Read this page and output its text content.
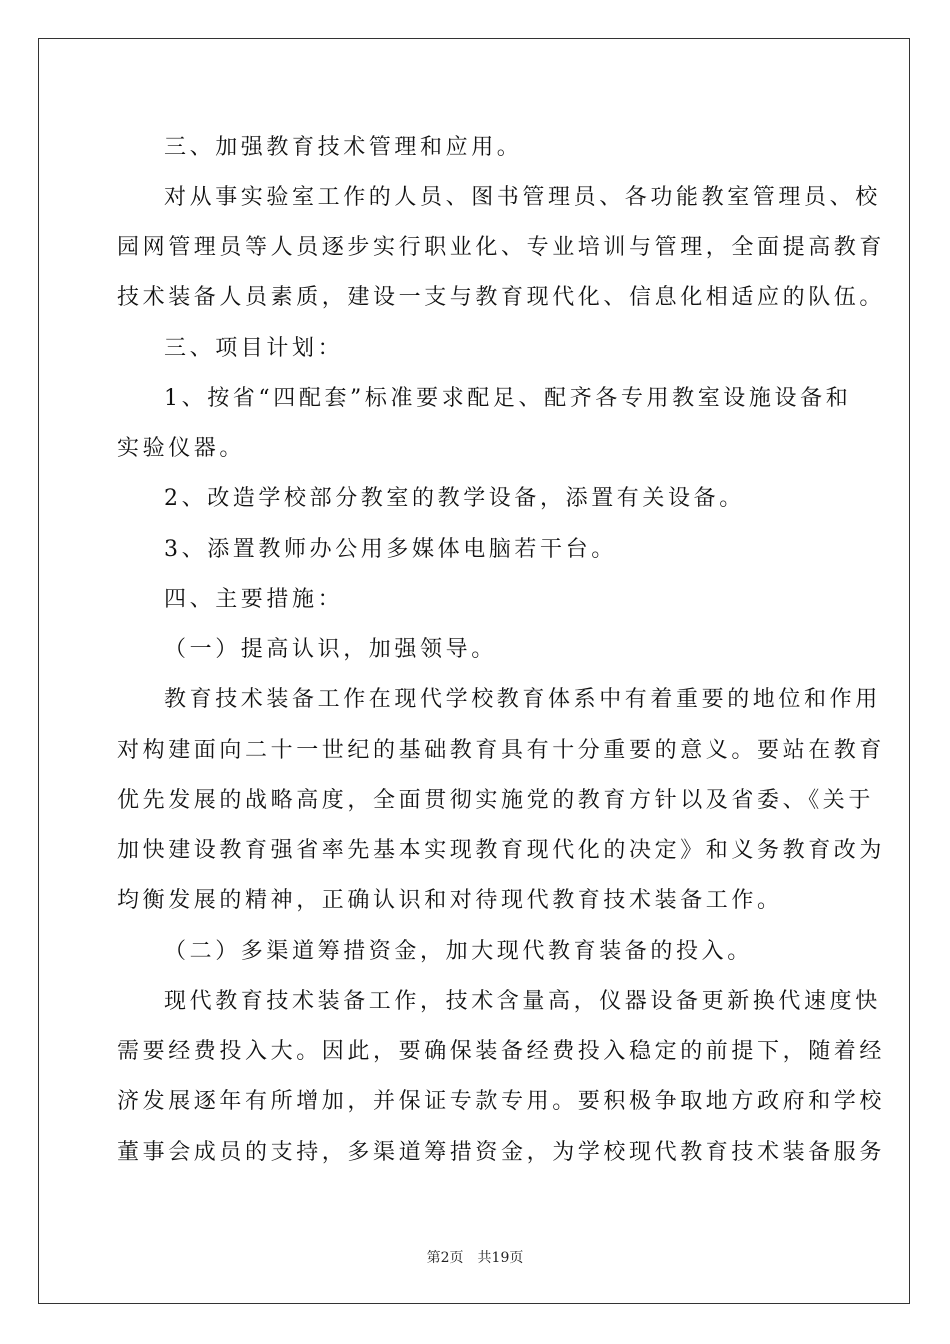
三、加强教育技术管理和应用。
对从事实验室工作的人员、图书管理员、各功能教室管理员、校
园网管理员等人员逐步实行职业化、专业培训与管理，全面提高教育
技术装备人员素质，建设一支与教育现代化、信息化相适应的队伍。
三、项目计划：
1、按省“四配套”标准要求配足、配齐各专用教室设施设备和
实验仪器。
2、改造学校部分教室的教学设备，添置有关设备。
3、添置教师办公用多媒体电脑若干台。
四、主要措施：
（一）提高认识，加强领导。
教育技术装备工作在现代学校教育体系中有着重要的地位和作用
对构建面向二十一世纪的基础教育具有十分重要的意义。要站在教育
优先发展的战略高度，全面贯彻实施党的教育方针以及省委、《关于
加快建设教育强省率先基本实现教育现代化的决定》和义务教育改为
均衡发展的精神，正确认识和对待现代教育技术装备工作。
（二）多渠道筹措资金，加大现代教育装备的投入。
现代教育技术装备工作，技术含量高，仪器设备更新换代速度快
需要经费投入大。因此，要确保装备经费投入稳定的前提下，随着经
济发展逐年有所增加，并保证专款专用。要积极争取地方政府和学校
董事会成员的支持，多渠道筹措资金，为学校现代教育技术装备服务
第2页 共19页
